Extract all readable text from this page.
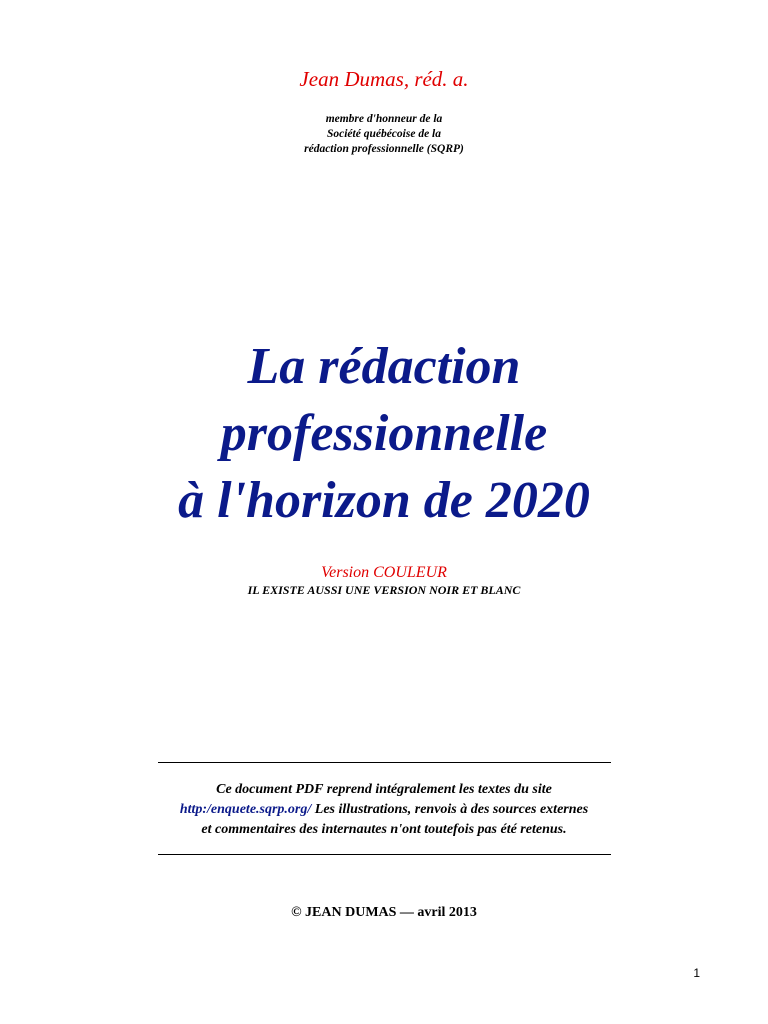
Jean Dumas, réd. a.
membre d'honneur de la
Société québécoise de la
rédaction professionnelle (SQRP)
La rédaction
professionnelle
à l'horizon de 2020
Version COULEUR
IL EXISTE AUSSI UNE VERSION NOIR ET BLANC
Ce document PDF reprend intégralement les textes du site
http:/enquete.sqrp.org/ Les illustrations, renvois à des sources externes
et commentaires des internautes n'ont toutefois pas été retenus.
© JEAN DUMAS — avril 2013
1
